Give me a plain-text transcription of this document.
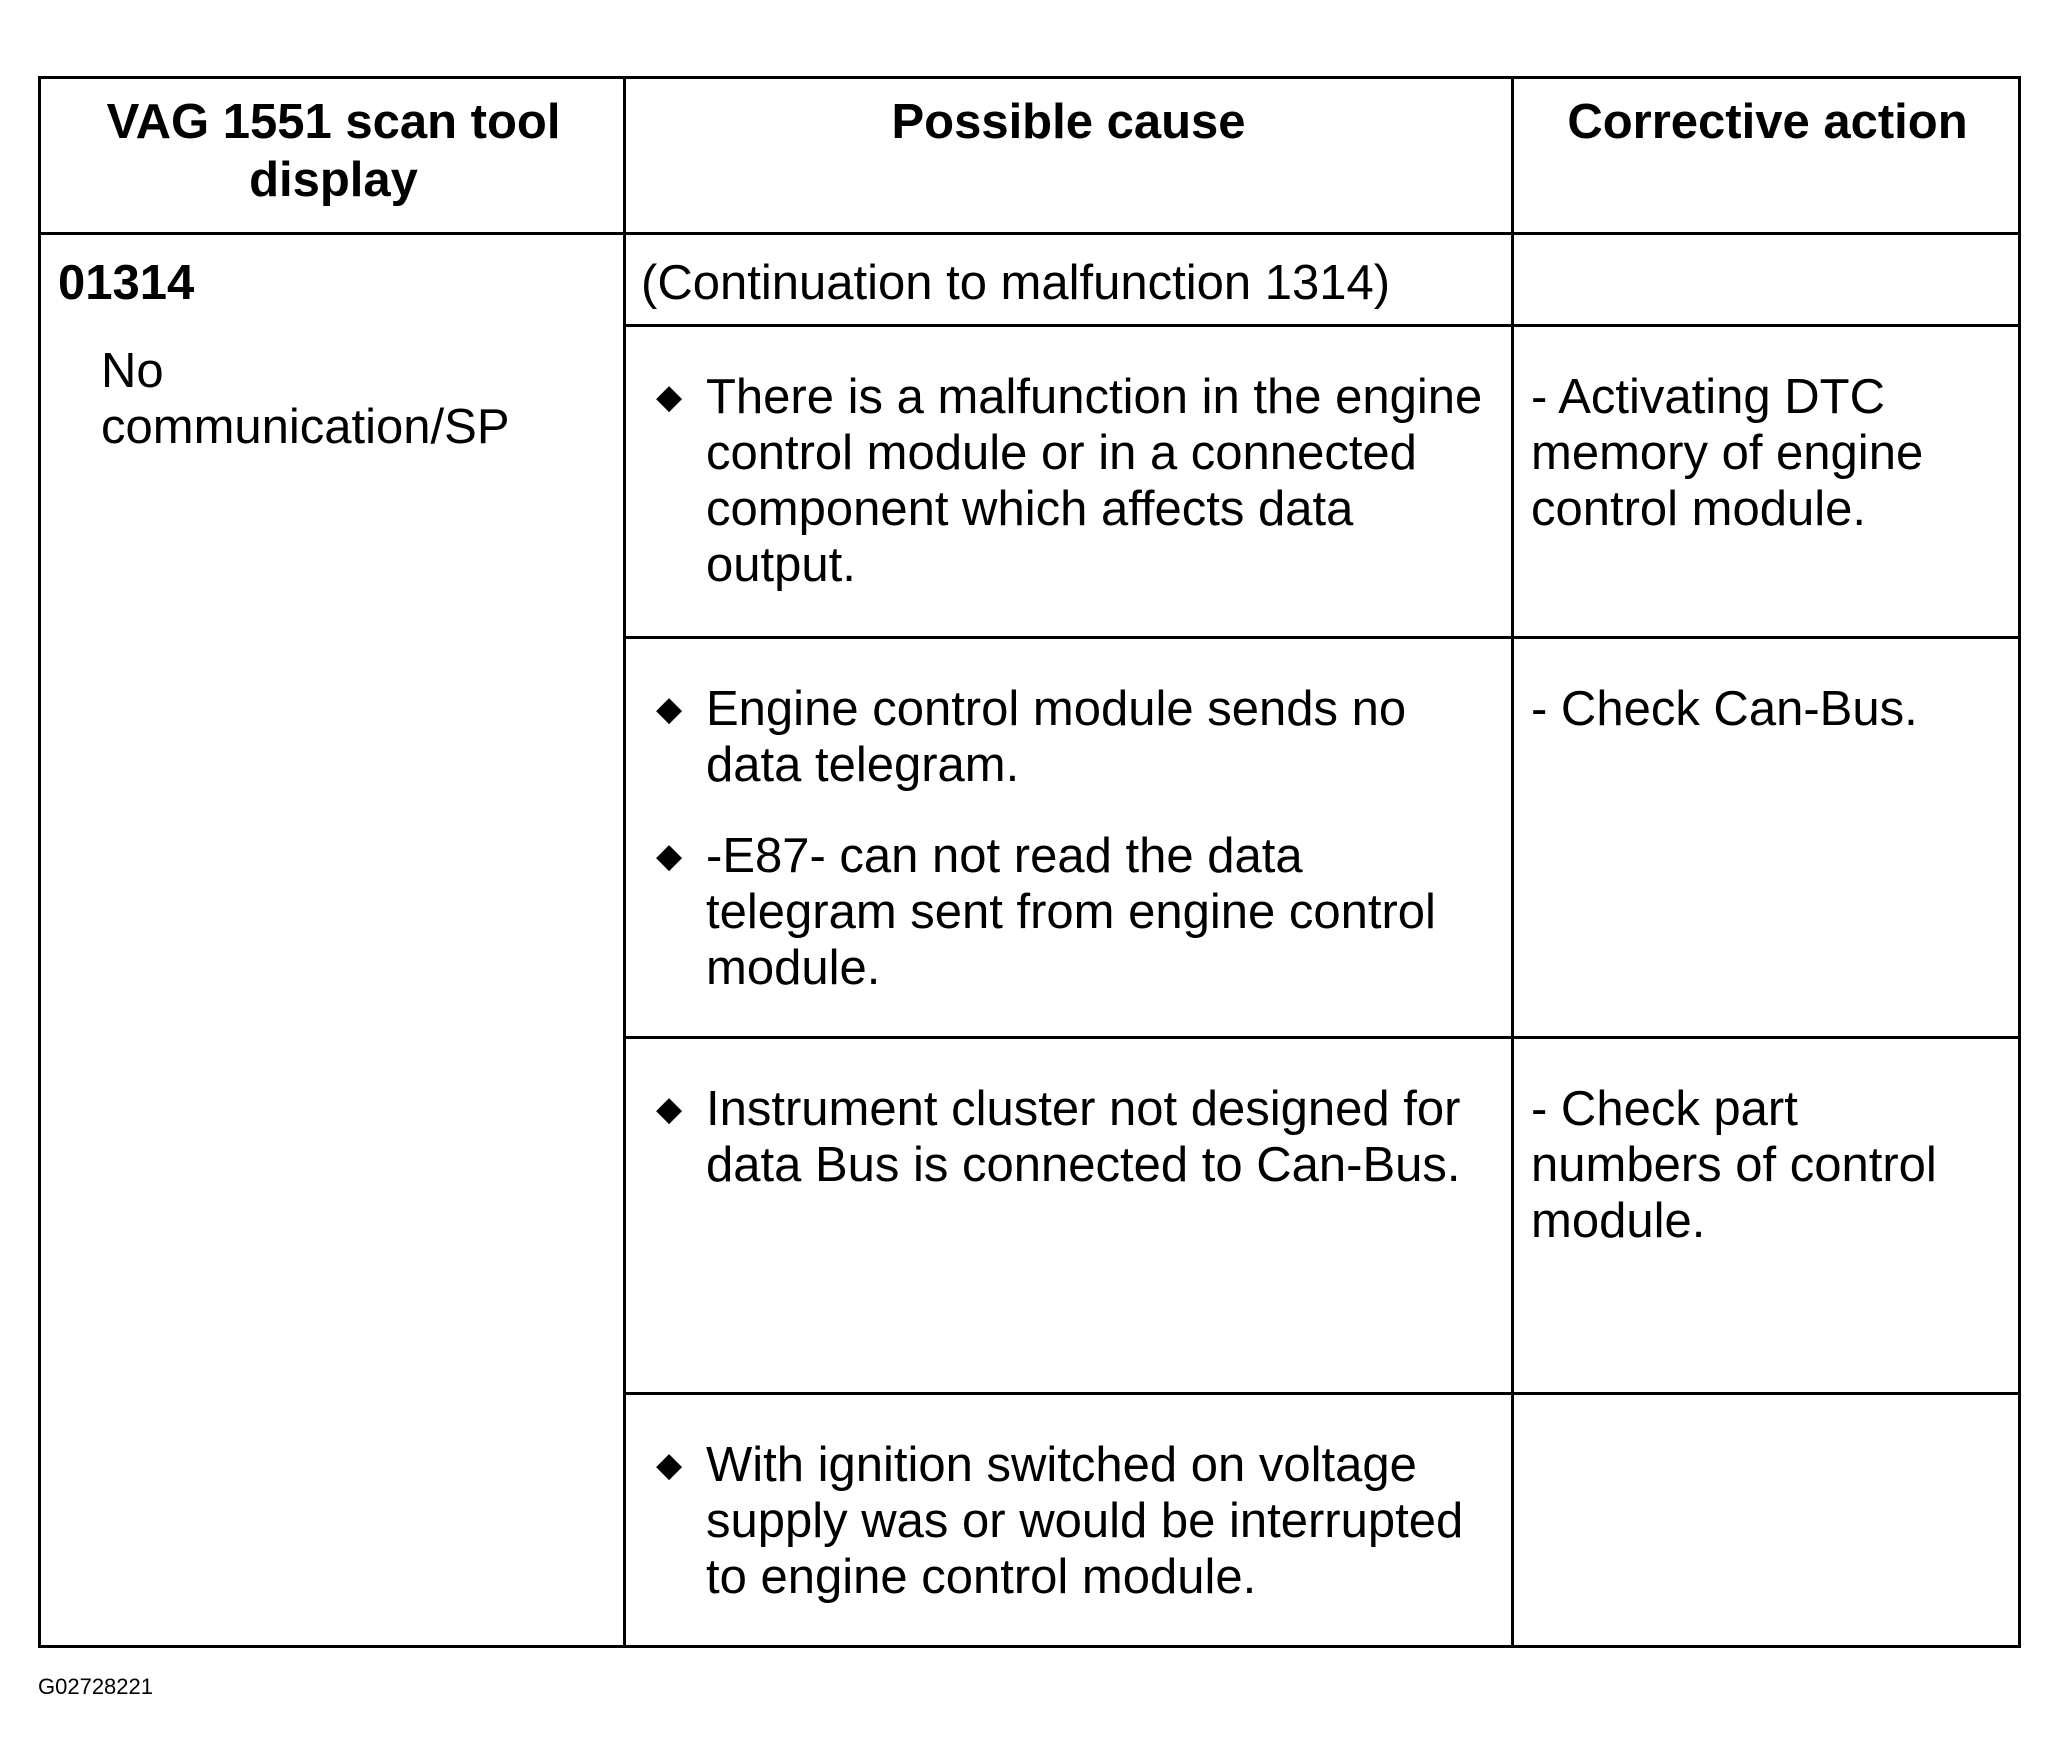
VAG 1551 scan tool
display
Possible cause	Corrective action
01314
No
communication/SP
(Continuation to malfunction 1314)
◆ There is a malfunction in the engine
control module or in a connected
component which affects data
output.
- Activating DTC
memory of engine
control module.
◆ Engine control module sends no
data telegram.
◆ -E87- can not read the data
telegram sent from engine control
module.
- Check Can-Bus.
◆ Instrument cluster not designed for
data Bus is connected to Can-Bus.
- Check part
numbers of control
module.
◆ With ignition switched on voltage
supply was or would be interrupted
to engine control module.
G02728221
